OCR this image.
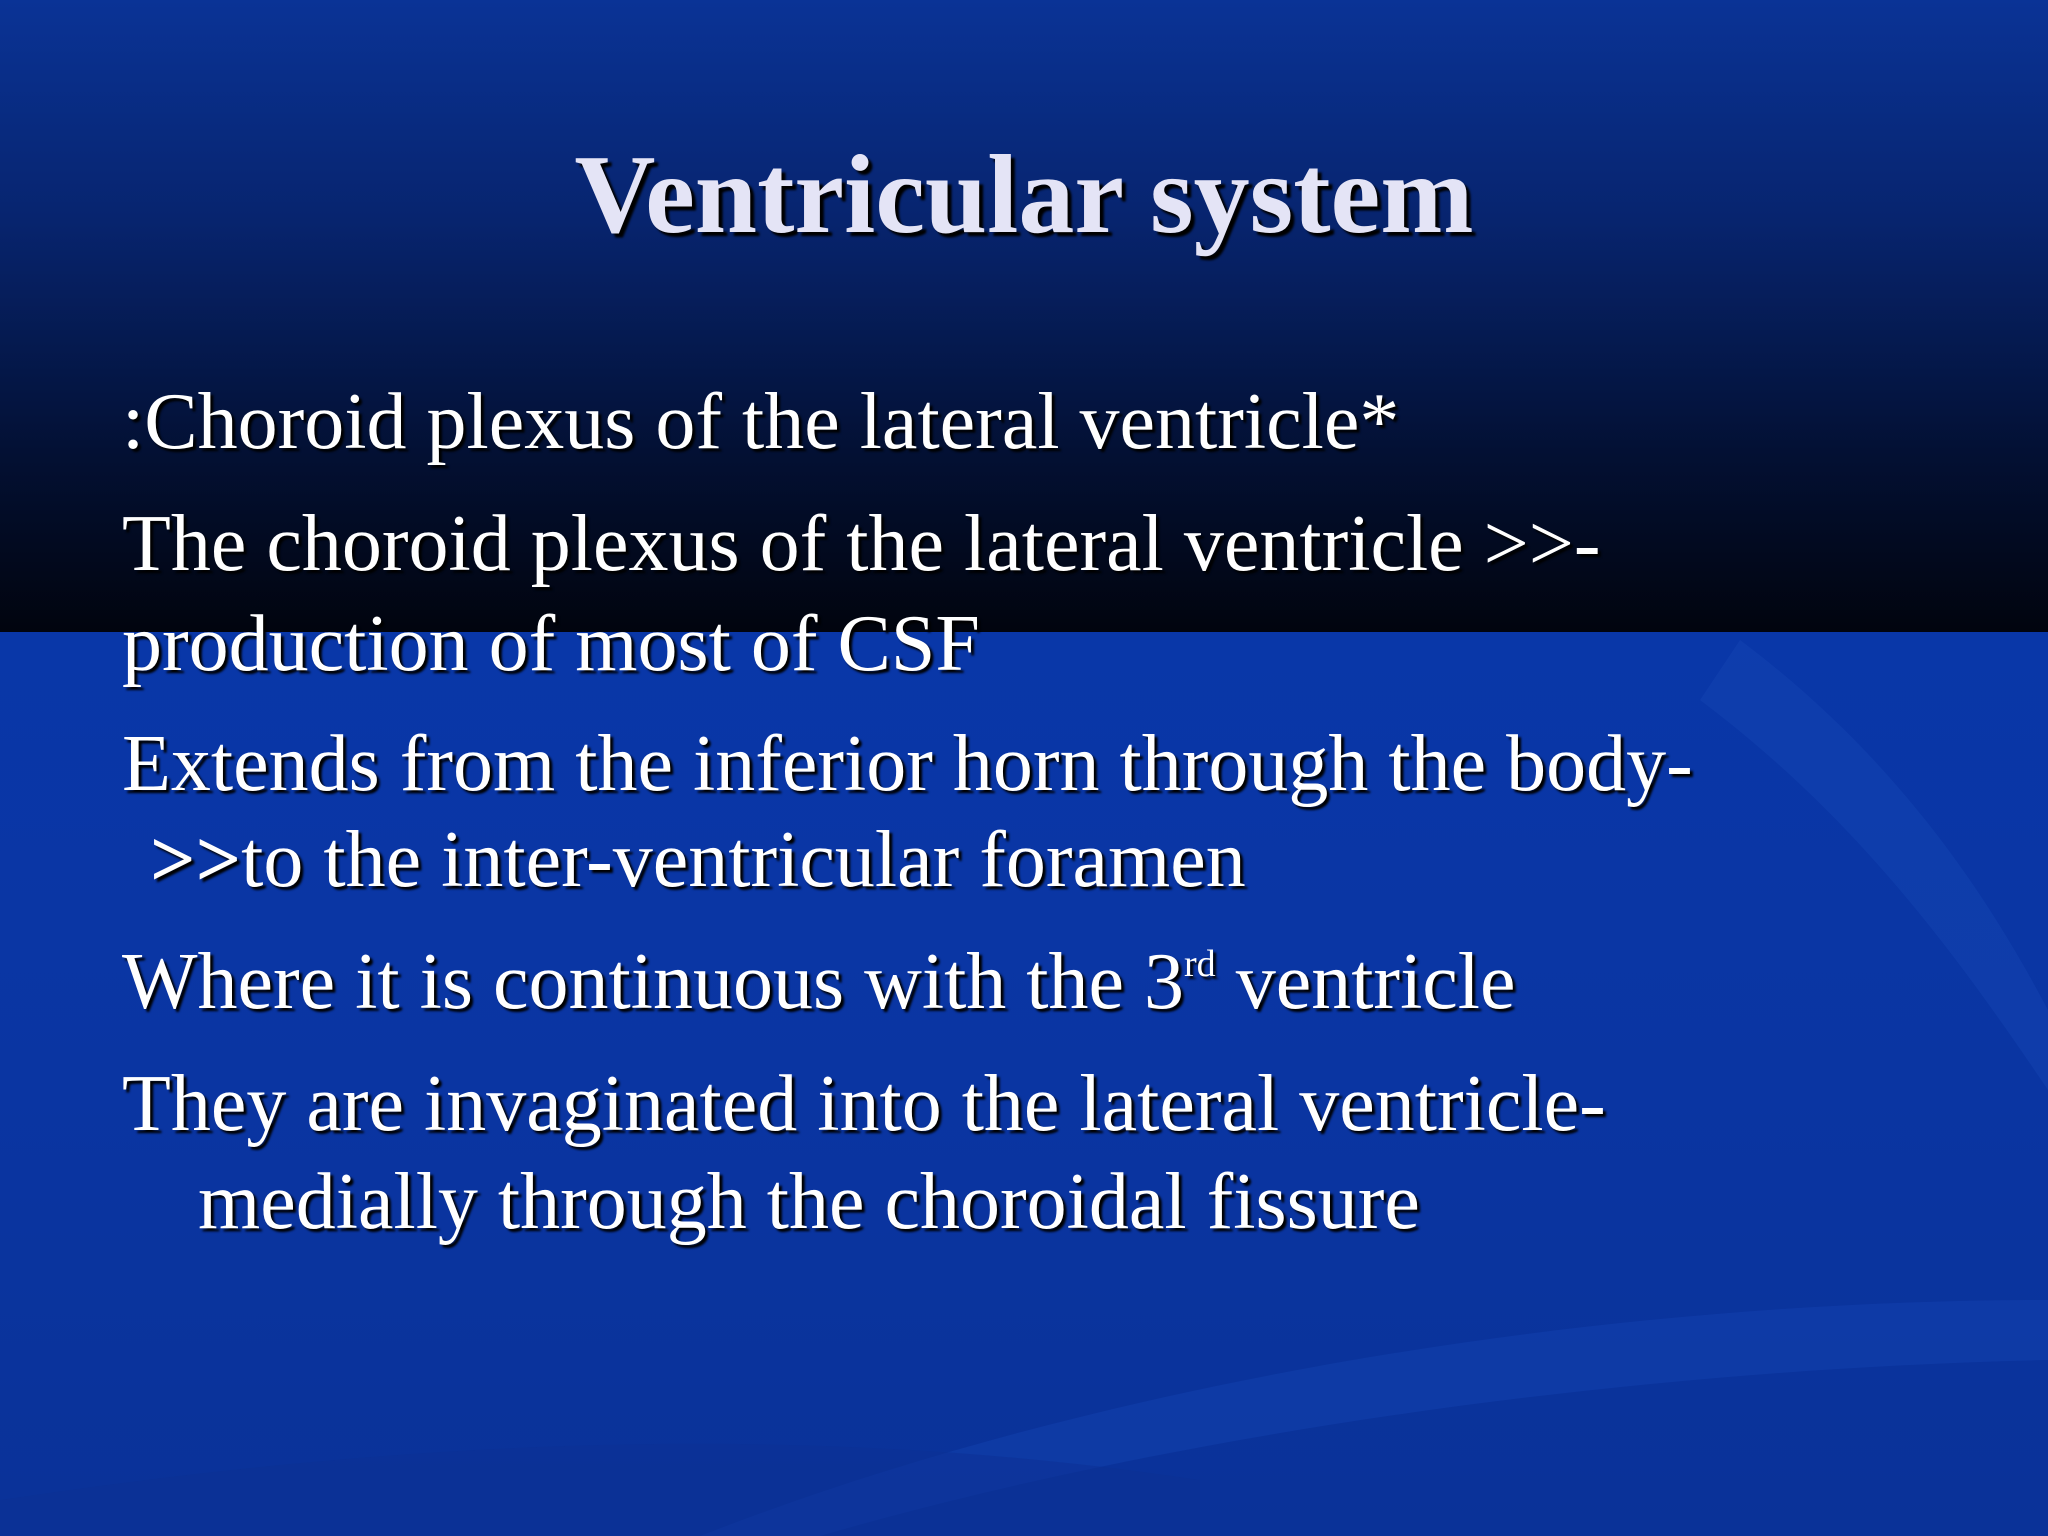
Ventricular system
:Choroid plexus of the lateral ventricle*
The choroid plexus of the lateral ventricle >>-
production of most of CSF
Extends from the inferior horn through the body-
>>to the inter-ventricular foramen
Where it is continuous with the 3rd ventricle
They are invaginated into the lateral ventricle-
medially through the choroidal fissure
